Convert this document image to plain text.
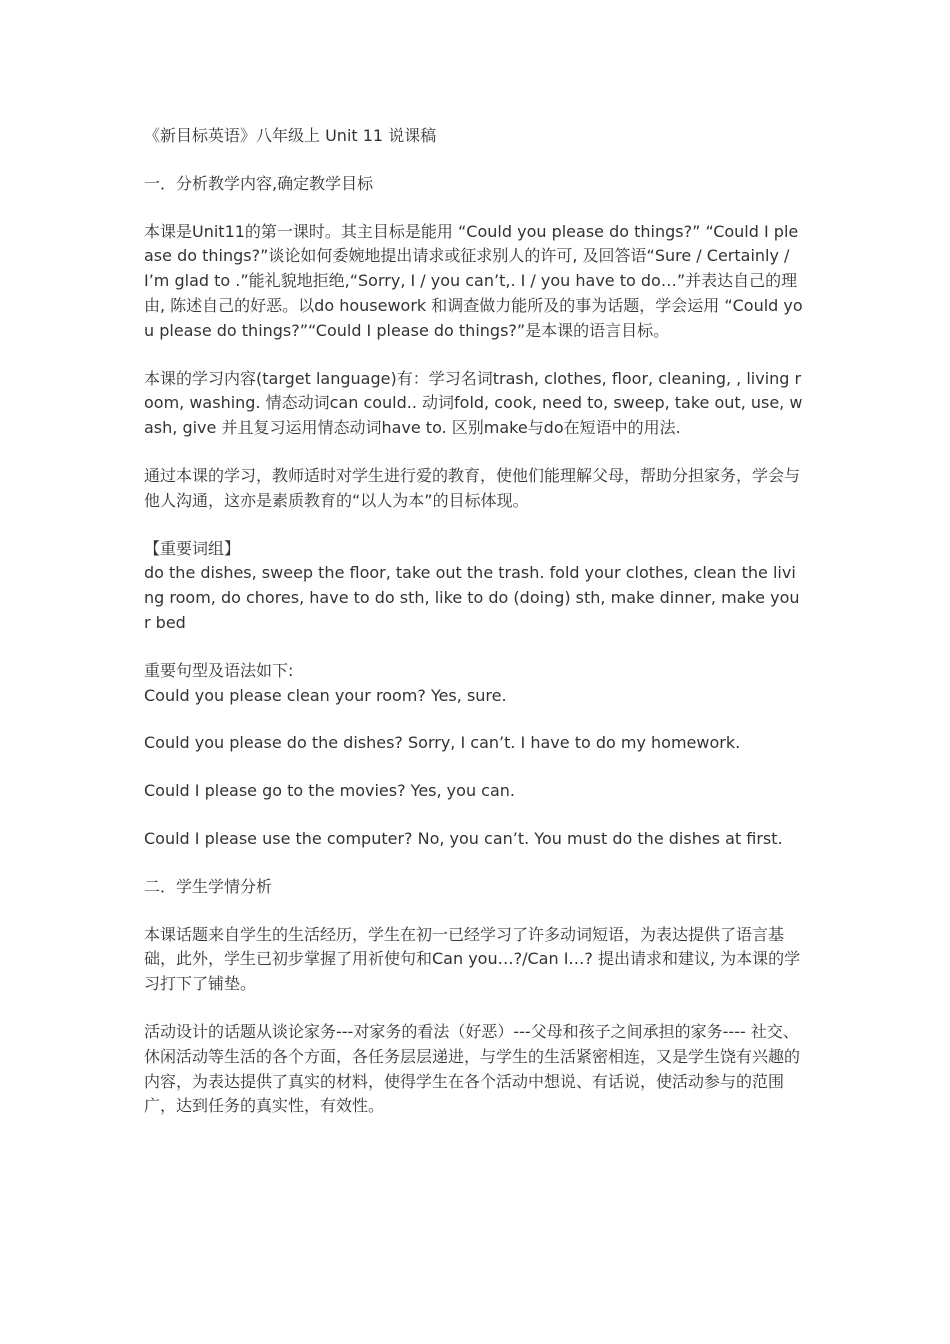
《新目标英语》八年级上 Unit 11 说课稿

一．分析教学内容,确定教学目标

本课是Unit11的第一课时。其主目标是能用 “Could you please do things?” “Could I please do things?”谈论如何委婉地提出请求或征求别人的许可, 及回答语“Sure / Certainly / I’m glad to .”能礼貌地拒绝,“Sorry, I / you can’t,. I / you have to do…”并表达自己的理由, 陈述自己的好恶。以do housework 和调查做力能所及的事为话题，学会运用 “Could you please do things?”“Could I please do things?”是本课的语言目标。

本课的学习内容(target language)有：学习名词trash, clothes, floor, cleaning, , living room, washing. 情态动词can could.. 动词fold, cook, need to, sweep, take out, use, wash, give 并且复习运用情态动词have to. 区别make与do在短语中的用法.

通过本课的学习，教师适时对学生进行爱的教育，使他们能理解父母，帮助分担家务，学会与他人沟通，这亦是素质教育的“以人为本”的目标体现。

【重要词组】
do the dishes, sweep the floor, take out the trash. fold your clothes, clean the living room, do chores, have to do sth, like to do (doing) sth, make dinner, make your bed
重要句型及语法如下:
Could you please clean your room? Yes, sure.

Could you please do the dishes? Sorry, I can’t. I have to do my homework.

Could I please go to the movies? Yes, you can.

Could I please use the computer? No, you can’t. You must do the dishes at first.

二．学生学情分析

本课话题来自学生的生活经历，学生在初一已经学习了许多动词短语，为表达提供了语言基础，此外，学生已初步掌握了用祈使句和Can you…?/Can I…? 提出请求和建议, 为本课的学习打下了铺垫。

活动设计的话题从谈论家务---对家务的看法（好恶）---父母和孩子之间承担的家务---- 社交、休闲活动等生活的各个方面，各任务层层递进，与学生的生活紧密相连，又是学生饶有兴趣的内容，为表达提供了真实的材料，使得学生在各个活动中想说、有话说，使活动参与的范围广，达到任务的真实性，有效性。
